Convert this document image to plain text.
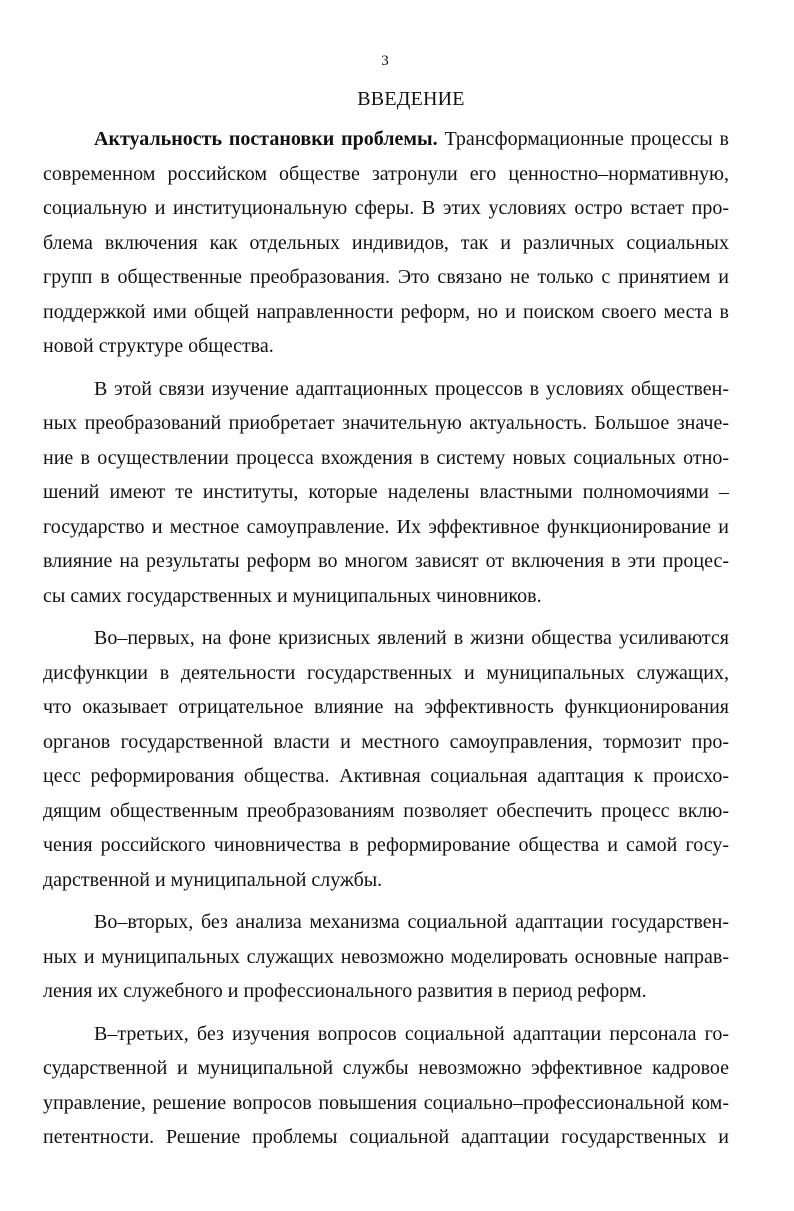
3
ВВЕДЕНИЕ
Актуальность постановки проблемы. Трансформационные процессы в
современном российском обществе затронули его ценностно–нормативную,
социальную и институциональную сферы. В этих условиях остро встает про-
блема включения как отдельных индивидов, так и различных социальных
групп в общественные преобразования. Это связано не только с принятием и
поддержкой ими общей направленности реформ, но и поиском своего места в
новой структуре общества.
В этой связи изучение адаптационных процессов в условиях обществен-
ных преобразований приобретает значительную актуальность. Большое значе-
ние в осуществлении процесса вхождения в систему новых социальных отно-
шений имеют те институты, которые наделены властными полномочиями –
государство и местное самоуправление. Их эффективное функционирование и
влияние на результаты реформ во многом зависят от включения в эти процес-
сы самих государственных и муниципальных чиновников.
Во–первых, на фоне кризисных явлений в жизни общества усиливаются
дисфункции в деятельности государственных и муниципальных служащих,
что оказывает отрицательное влияние на эффективность функционирования
органов государственной власти и местного самоуправления, тормозит про-
цесс реформирования общества. Активная социальная адаптация к происхо-
дящим общественным преобразованиям позволяет обеспечить процесс вклю-
чения российского чиновничества в реформирование общества и самой госу-
дарственной и муниципальной службы.
Во–вторых, без анализа механизма социальной адаптации государствен-
ных и муниципальных служащих невозможно моделировать основные направ-
ления их служебного и профессионального развития в период реформ.
В–третьих, без изучения вопросов социальной адаптации персонала го-
сударственной и муниципальной службы невозможно эффективное кадровое
управление, решение вопросов повышения социально–профессиональной ком-
петентности. Решение проблемы социальной адаптации государственных и
